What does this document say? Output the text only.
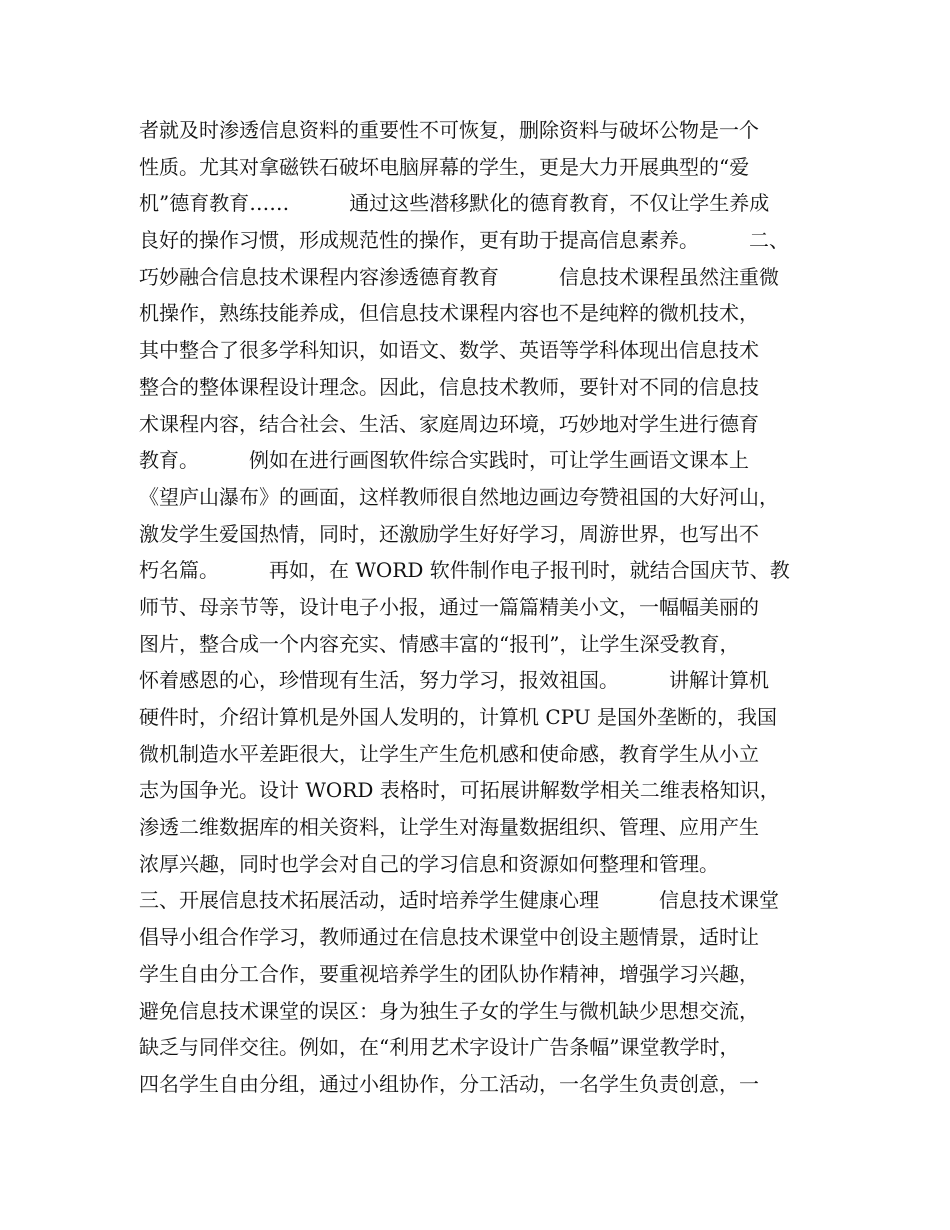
者就及时渗透信息资料的重要性不可恢复，删除资料与破坏公物是一个
性质。尤其对拿磁铁石破坏电脑屏幕的学生，更是大力开展典型的“爱
机”德育教育……　　　通过这些潜移默化的德育教育，不仅让学生养成
良好的操作习惯，形成规范性的操作，更有助于提高信息素养。　　　二、
巧妙融合信息技术课程内容渗透德育教育　　　信息技术课程虽然注重微
机操作，熟练技能养成，但信息技术课程内容也不是纯粹的微机技术，
其中整合了很多学科知识，如语文、数学、英语等学科体现出信息技术
整合的整体课程设计理念。因此，信息技术教师，要针对不同的信息技
术课程内容，结合社会、生活、家庭周边环境，巧妙地对学生进行德育
教育。　　　例如在进行画图软件综合实践时，可让学生画语文课本上
《望庐山瀑布》的画面，这样教师很自然地边画边夸赞祖国的大好河山，
激发学生爱国热情，同时，还激励学生好好学习，周游世界，也写出不
朽名篇。　　　再如，在 WORD 软件制作电子报刊时，就结合国庆节、教
师节、母亲节等，设计电子小报，通过一篇篇精美小文，一幅幅美丽的
图片，整合成一个内容充实、情感丰富的“报刊”，让学生深受教育，
怀着感恩的心，珍惜现有生活，努力学习，报效祖国。　　　讲解计算机
硬件时，介绍计算机是外国人发明的，计算机 CPU 是国外垄断的，我国
微机制造水平差距很大，让学生产生危机感和使命感，教育学生从小立
志为国争光。设计 WORD 表格时，可拓展讲解数学相关二维表格知识，
渗透二维数据库的相关资料，让学生对海量数据组织、管理、应用产生
浓厚兴趣，同时也学会对自己的学习信息和资源如何整理和管理。
三、开展信息技术拓展活动，适时培养学生健康心理　　　信息技术课堂
倡导小组合作学习，教师通过在信息技术课堂中创设主题情景，适时让
学生自由分工合作，要重视培养学生的团队协作精神，增强学习兴趣，
避免信息技术课堂的误区：身为独生子女的学生与微机缺少思想交流，
缺乏与同伴交往。例如，在“利用艺术字设计广告条幅”课堂教学时，
四名学生自由分组，通过小组协作，分工活动，一名学生负责创意，一
